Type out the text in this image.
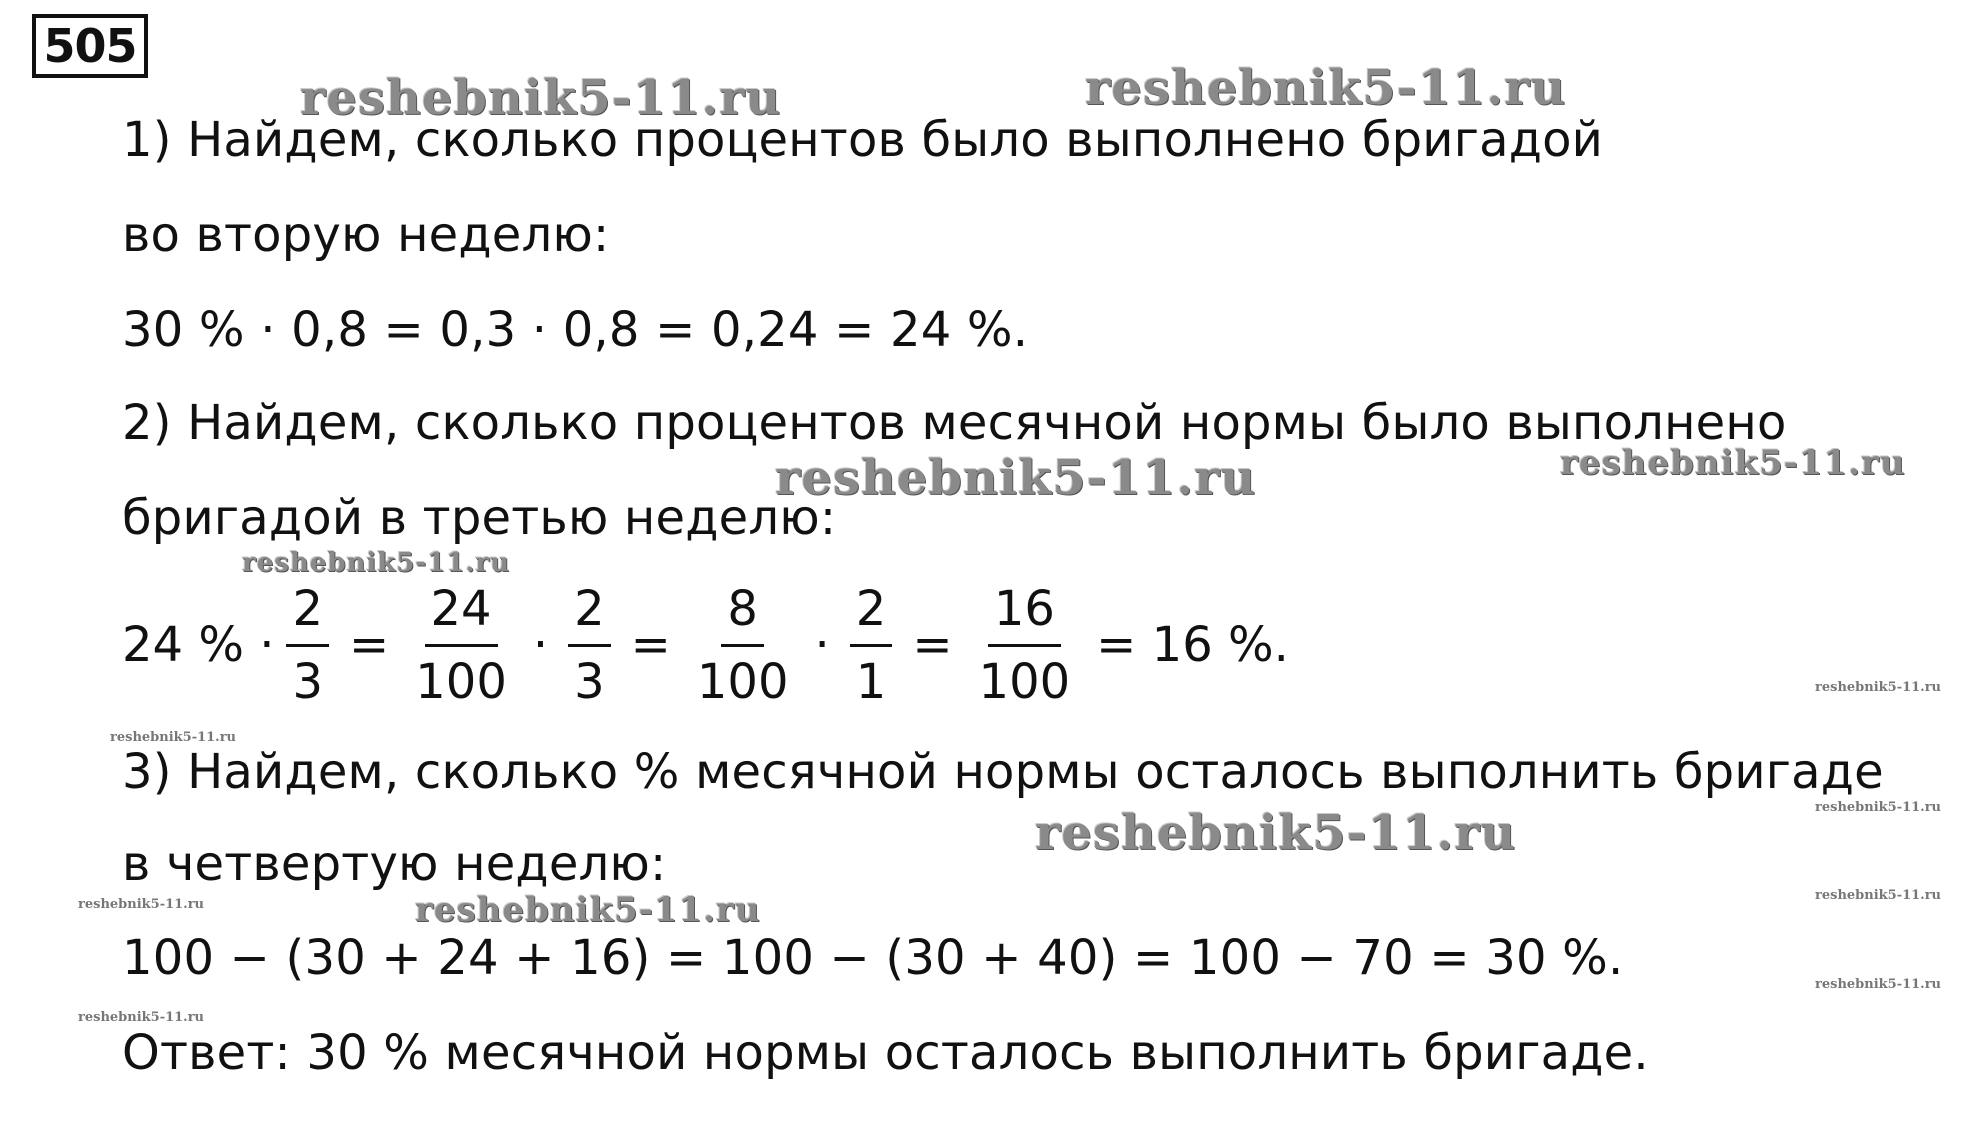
505
reshebnik5-11.ru	reshebnik5-11.ru
reshebnik5-11.ru	reshebnik5-11.ru
reshebnik5-11.ru
reshebnik5-11.ru
reshebnik5-11.ru
reshebnik5-11.ru
reshebnik5-11.ru
reshebnik5-11.ru
reshebnik5-11.ru
reshebnik5-11.ru
reshebnik5-11.ru
reshebnik5-11.ru
1) Найдем, сколько процентов было выполнено бригадой
во вторую неделю:
30 % · 0,8 = 0,3 · 0,8 = 0,24 = 24 %.
2) Найдем, сколько процентов месячной нормы было выполнено
бригадой в третью неделю:
24 % · $\frac{2}{3} = \frac{24}{100} \cdot \frac{2}{3} = \frac{8}{100} \cdot \frac{2}{1} = \frac{16}{100} = 16$ %.
3) Найдем, сколько % месячной нормы осталось выполнить бригаде
в четвертую неделю:
100 − (30 + 24 + 16) = 100 − (30 + 40) = 100 − 70 = 30 %.
Ответ: 30 % месячной нормы осталось выполнить бригаде.
